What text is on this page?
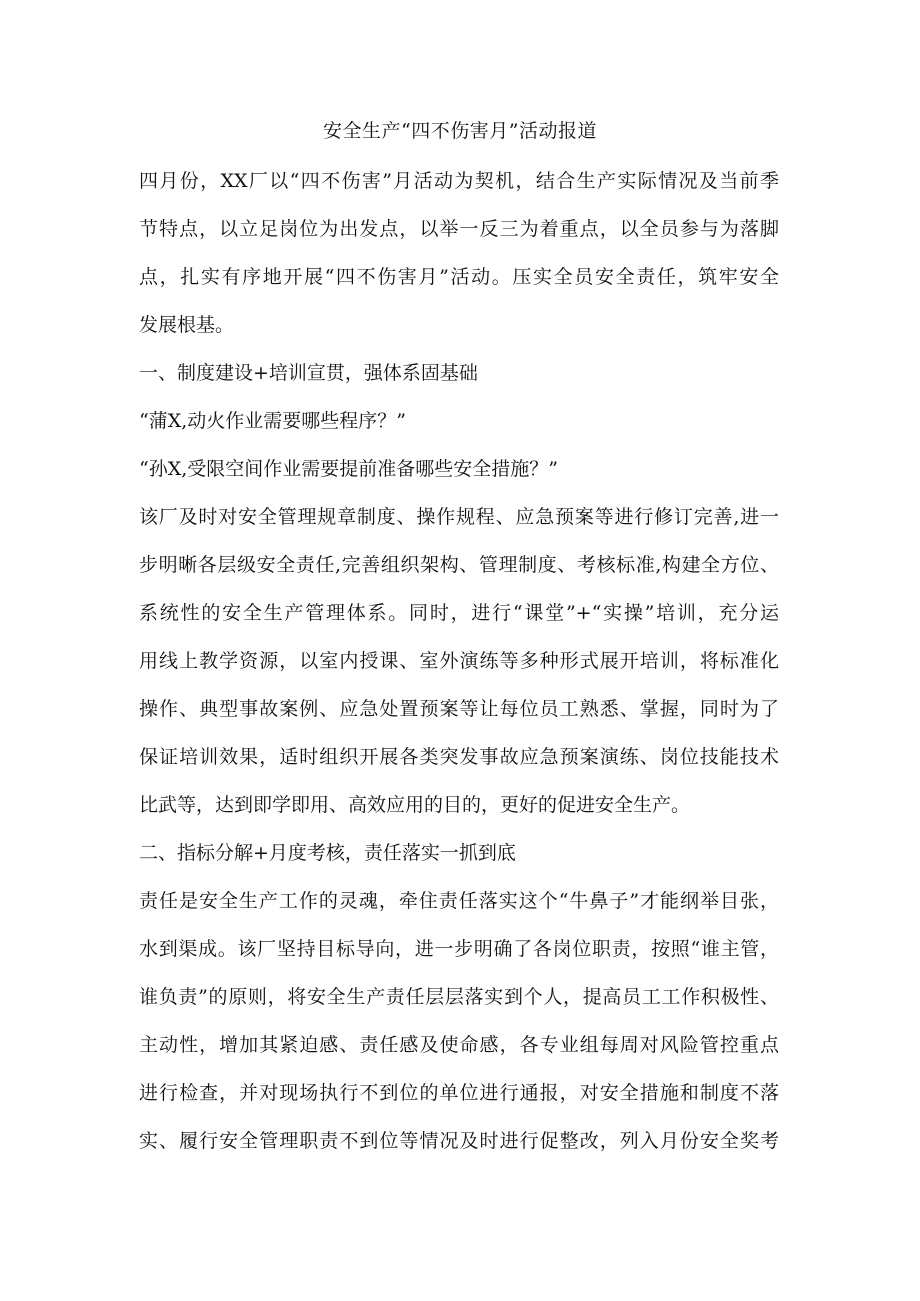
安全生产“四不伤害月”活动报道
四月份，XX厂以“四不伤害”月活动为契机，结合生产实际情况及当前季
节特点，以立足岗位为出发点，以举一反三为着重点，以全员参与为落脚
点，扎实有序地开展“四不伤害月”活动。压实全员安全责任，筑牢安全
发展根基。
一、制度建设+培训宣贯，强体系固基础
“蒲X,动火作业需要哪些程序？”
“孙X,受限空间作业需要提前准备哪些安全措施？”
该厂及时对安全管理规章制度、操作规程、应急预案等进行修订完善,进一
步明晰各层级安全责任,完善组织架构、管理制度、考核标准,构建全方位、
系统性的安全生产管理体系。同时，进行“课堂”+“实操”培训，充分运
用线上教学资源，以室内授课、室外演练等多种形式展开培训，将标准化
操作、典型事故案例、应急处置预案等让每位员工熟悉、掌握，同时为了
保证培训效果，适时组织开展各类突发事故应急预案演练、岗位技能技术
比武等，达到即学即用、高效应用的目的，更好的促进安全生产。
二、指标分解+月度考核，责任落实一抓到底
责任是安全生产工作的灵魂，牵住责任落实这个“牛鼻子”才能纲举目张，
水到渠成。该厂坚持目标导向，进一步明确了各岗位职责，按照“谁主管，
谁负责”的原则，将安全生产责任层层落实到个人，提高员工工作积极性、
主动性，增加其紧迫感、责任感及使命感，各专业组每周对风险管控重点
进行检查，并对现场执行不到位的单位进行通报，对安全措施和制度不落
实、履行安全管理职责不到位等情况及时进行促整改，列入月份安全奖考
